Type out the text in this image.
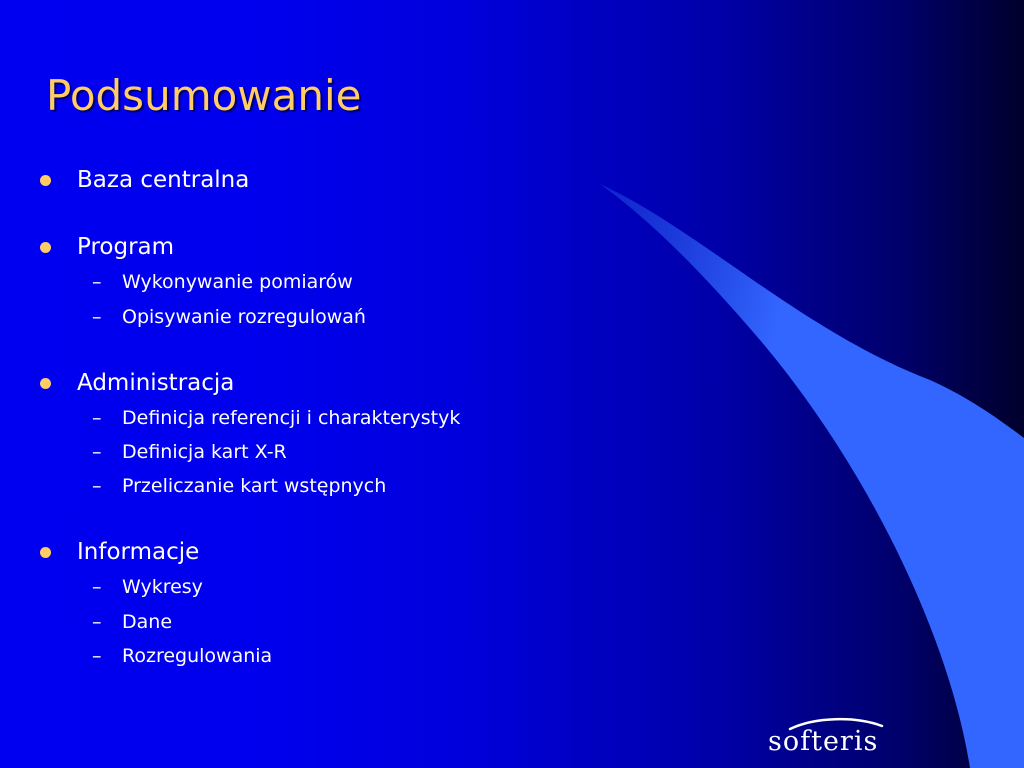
Podsumowanie
Baza centralna
Program
– Wykonywanie pomiarów
– Opisywanie rozregulowań
Administracja
– Definicja referencji i charakterystyk
– Definicja kart X-R
– Przeliczanie kart wstępnych
Informacje
– Wykresy
– Dane
– Rozregulowania
softeris
